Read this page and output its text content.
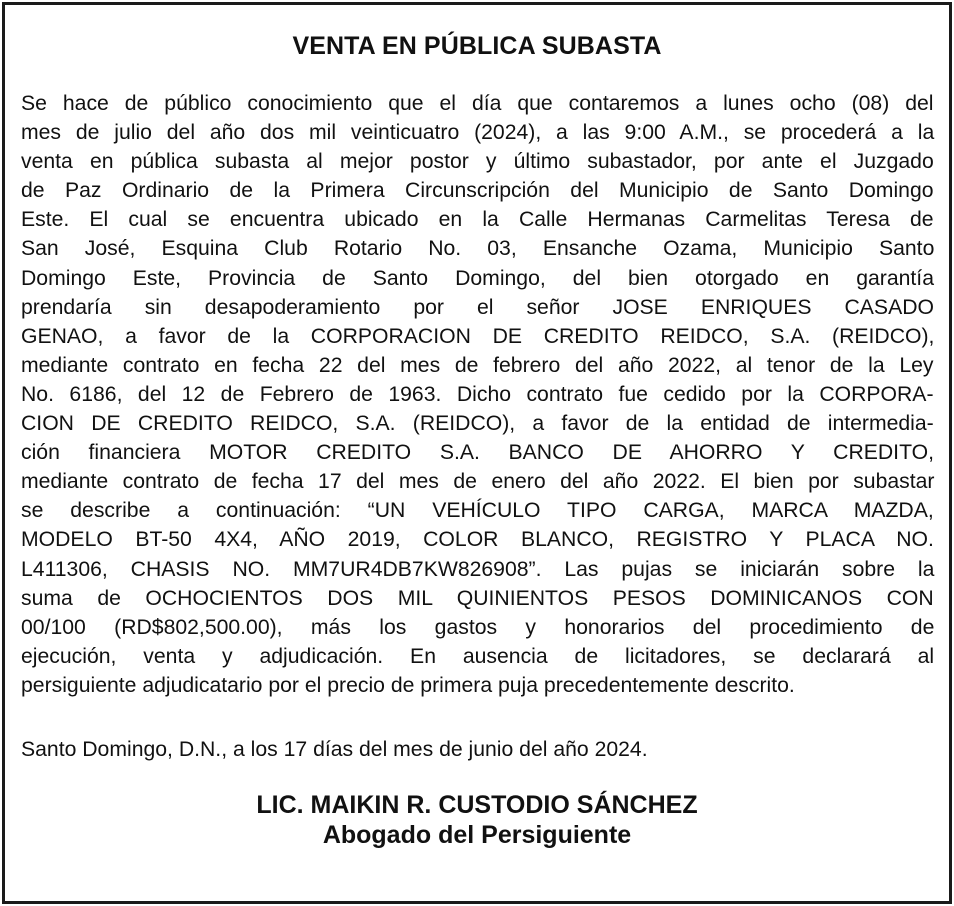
VENTA EN PÚBLICA SUBASTA
Se hace de público conocimiento que el día que contaremos a lunes ocho (08) del
mes de julio del año dos mil veinticuatro (2024), a las 9:00 A.M., se procederá a la
venta en pública subasta al mejor postor y último subastador, por ante el Juzgado
de Paz Ordinario de la Primera Circunscripción del Municipio de Santo Domingo
Este. El cual se encuentra ubicado en la Calle Hermanas Carmelitas Teresa de
San José, Esquina Club Rotario No. 03, Ensanche Ozama, Municipio Santo
Domingo Este, Provincia de Santo Domingo, del bien otorgado en garantía
prendaría sin desapoderamiento por el señor JOSE ENRIQUES CASADO
GENAO, a favor de la CORPORACION DE CREDITO REIDCO, S.A. (REIDCO),
mediante contrato en fecha 22 del mes de febrero del año 2022, al tenor de la Ley
No. 6186, del 12 de Febrero de 1963. Dicho contrato fue cedido por la CORPORA-
CION DE CREDITO REIDCO, S.A. (REIDCO), a favor de la entidad de intermedia-
ción financiera MOTOR CREDITO S.A. BANCO DE AHORRO Y CREDITO,
mediante contrato de fecha 17 del mes de enero del año 2022. El bien por subastar
se describe a continuación: “UN VEHÍCULO TIPO CARGA, MARCA MAZDA,
MODELO BT-50 4X4, AÑO 2019, COLOR BLANCO, REGISTRO Y PLACA NO.
L411306, CHASIS NO. MM7UR4DB7KW826908”. Las pujas se iniciarán sobre la
suma de OCHOCIENTOS DOS MIL QUINIENTOS PESOS DOMINICANOS CON
00/100 (RD$802,500.00), más los gastos y honorarios del procedimiento de
ejecución, venta y adjudicación. En ausencia de licitadores, se declarará al
persiguiente adjudicatario por el precio de primera puja precedentemente descrito.
Santo Domingo, D.N., a los 17 días del mes de junio del año 2024.
LIC. MAIKIN R. CUSTODIO SÁNCHEZ
Abogado del Persiguiente
